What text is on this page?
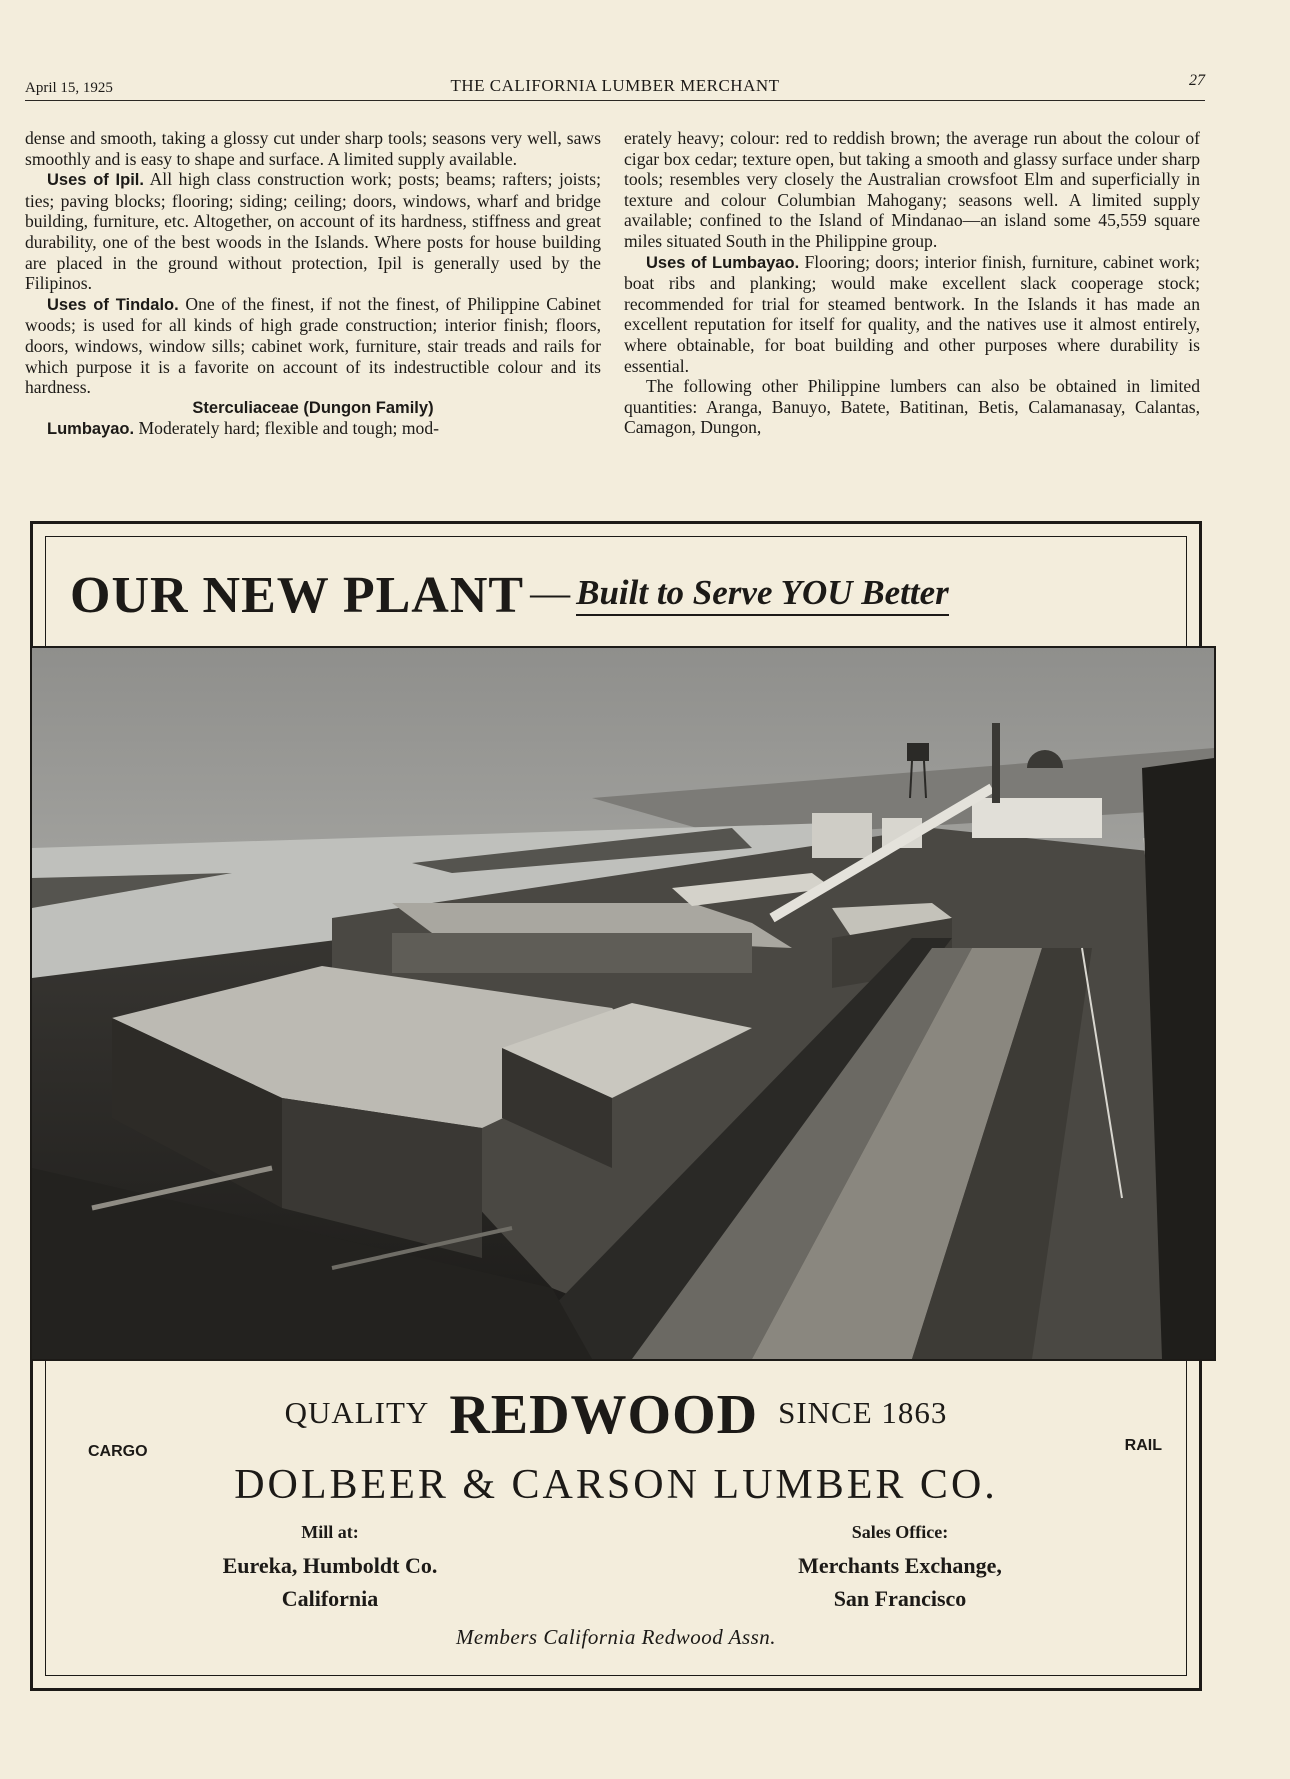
April 15, 1925	THE CALIFORNIA LUMBER MERCHANT	27

dense and smooth, taking a glossy cut under sharp tools; seasons very well, saws smoothly and is easy to shape and surface. A limited supply available.

Uses of Ipil. All high class construction work; posts; beams; rafters; joists; ties; paving blocks; flooring; siding; ceiling; doors, windows, wharf and bridge building, furniture, etc. Altogether, on account of its hardness, stiffness and great durability, one of the best woods in the Islands. Where posts for house building are placed in the ground without protection, Ipil is generally used by the Filipinos.

Uses of Tindalo. One of the finest, if not the finest, of Philippine Cabinet woods; is used for all kinds of high grade construction; interior finish; floors, doors, windows, window sills; cabinet work, furniture, stair treads and rails for which purpose it is a favorite on account of its indestructible colour and its hardness.

Sterculiaceae (Dungon Family)

Lumbayao. Moderately hard; flexible and tough; mod-

erately heavy; colour: red to reddish brown; the average run about the colour of cigar box cedar; texture open, but taking a smooth and glassy surface under sharp tools; resembles very closely the Australian crowsfoot Elm and superficially in texture and colour Columbian Mahogany; seasons well. A limited supply available; confined to the Island of Mindanao—an island some 45,559 square miles situated South in the Philippine group.

Uses of Lumbayao. Flooring; doors; interior finish, furniture, cabinet work; boat ribs and planking; would make excellent slack cooperage stock; recommended for trial for steamed bentwork. In the Islands it has made an excellent reputation for itself for quality, and the natives use it almost entirely, where obtainable, for boat building and other purposes where durability is essential.

The following other Philippine lumbers can also be obtained in limited quantities: Aranga, Banuyo, Batete, Batitinan, Betis, Calamanasay, Calantas, Camagon, Dungon,

OUR NEW PLANT — Built to Serve YOU Better
QUALITY REDWOOD SINCE 1863
CARGO	RAIL
DOLBEER & CARSON LUMBER CO.
Mill at:
Eureka, Humboldt Co.
California
Sales Office:
Merchants Exchange,
San Francisco
Members California Redwood Assn.
